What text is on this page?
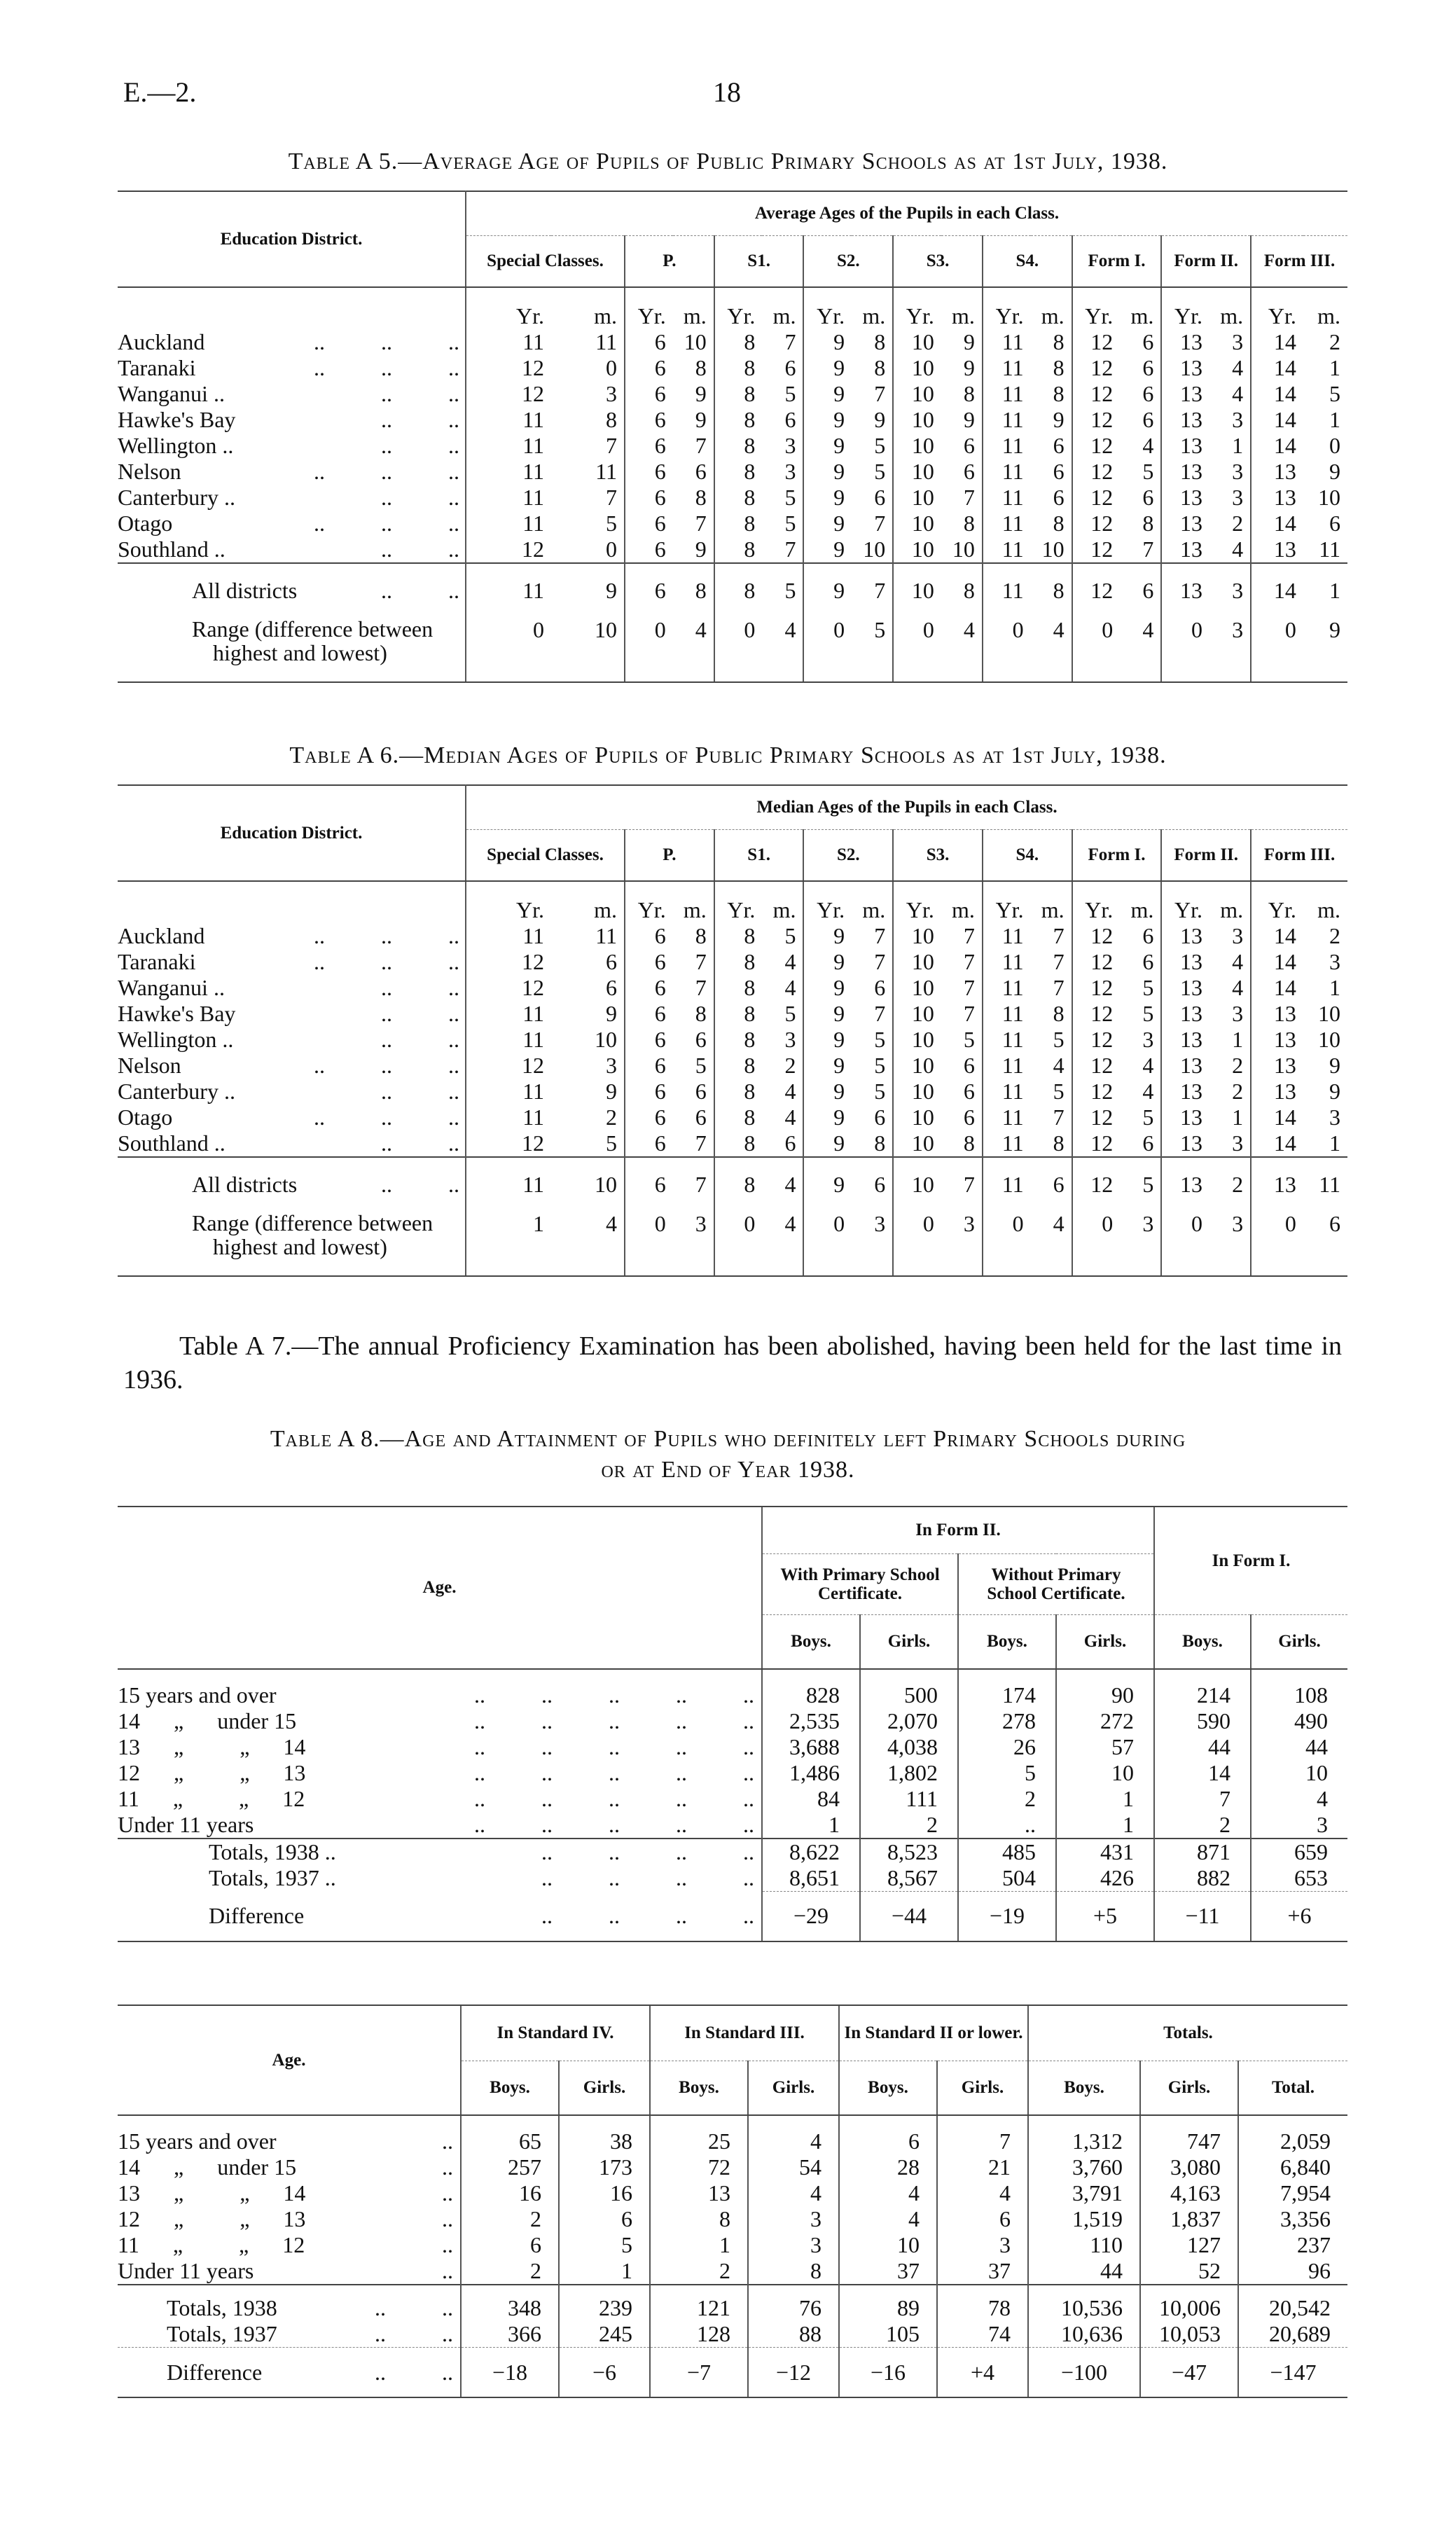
E.—2.	18
Table A 5.—Average Age of Pupils of Public Primary Schools as at 1st July, 1938.
Education District.	Average Ages of the Pupils in each Class.																	
	Special Classes.		P.		S1.		S2.		S3.		S4.		Form I.		Form II.		Form III.	
	Yr.	m.	Yr.	m.	Yr.	m.	Yr.	m.	Yr.	m.	Yr.	m.	Yr.	m.	Yr.	m.	Yr.	m.
Auckland ..          ..          ..	11	11	6	10	8	7	9	8	10	9	11	8	12	6	13	3	14	2
Taranaki ..          ..          ..	12	0	6	8	8	6	9	8	10	9	11	8	12	6	13	4	14	1
Wanganui .. ..          ..	12	3	6	9	8	5	9	7	10	8	11	8	12	6	13	4	14	5
Hawke's Bay ..          ..	11	8	6	9	8	6	9	9	10	9	11	9	12	6	13	3	14	1
Wellington .. ..          ..	11	7	6	7	8	3	9	5	10	6	11	6	12	4	13	1	14	0
Nelson ..          ..          ..	11	11	6	6	8	3	9	5	10	6	11	6	12	5	13	3	13	9
Canterbury .. ..          ..	11	7	6	8	8	5	9	6	10	7	11	6	12	6	13	3	13	10
Otago ..          ..          ..	11	5	6	7	8	5	9	7	10	8	11	8	12	8	13	2	14	6
Southland .. ..          ..	12	0	6	9	8	7	9	10	10	10	11	10	12	7	13	4	13	11
All districts ..          ..	11	9	6	8	8	5	9	7	10	8	11	8	12	6	13	3	14	1

Range (difference between
highest and lowest)	0	10	0	4	0	4	0	5	0	4	0	4	0	4	0	3	0	9
Table A 6.—Median Ages of Pupils of Public Primary Schools as at 1st July, 1938.
Education District.	Median Ages of the Pupils in each Class.																	
	Special Classes.		P.		S1.		S2.		S3.		S4.		Form I.		Form II.		Form III.	
	Yr.	m.	Yr.	m.	Yr.	m.	Yr.	m.	Yr.	m.	Yr.	m.	Yr.	m.	Yr.	m.	Yr.	m.
Auckland ..          ..          ..	11	11	6	8	8	5	9	7	10	7	11	7	12	6	13	3	14	2
Taranaki ..          ..          ..	12	6	6	7	8	4	9	7	10	7	11	7	12	6	13	4	14	3
Wanganui .. ..          ..	12	6	6	7	8	4	9	6	10	7	11	7	12	5	13	4	14	1
Hawke's Bay ..          ..	11	9	6	8	8	5	9	7	10	7	11	8	12	5	13	3	13	10
Wellington .. ..          ..	11	10	6	6	8	3	9	5	10	5	11	5	12	3	13	1	13	10
Nelson ..          ..          ..	12	3	6	5	8	2	9	5	10	6	11	4	12	4	13	2	13	9
Canterbury .. ..          ..	11	9	6	6	8	4	9	5	10	6	11	5	12	4	13	2	13	9
Otago ..          ..          ..	11	2	6	6	8	4	9	6	10	6	11	7	12	5	13	1	14	3
Southland .. ..          ..	12	5	6	7	8	6	9	8	10	8	11	8	12	6	13	3	14	1
All districts ..          ..	11	10	6	7	8	4	9	6	10	7	11	6	12	5	13	2	13	11

Range (difference between
highest and lowest)	1	4	0	3	0	4	0	3	0	3	0	4	0	3	0	3	0	6
Table A 7.—The annual Proficiency Examination has been abolished, having been held for the last time in 1936.
Table A 8.—Age and Attainment of Pupils who definitely left Primary Schools during
or at End of Year 1938.
Age.	In Form II.				In Form I.	
	With Primary School Certificate.		Without Primary School Certificate.			
	Boys.	Girls.	Boys.	Girls.	Boys.	Girls.
15 years and over ..          ..          ..          ..          ..	828	500	174	90	214	108
14      „      under 15 ..          ..          ..          ..          ..	2,535	2,070	278	272	590	490
13      „          „      14 ..          ..          ..          ..          ..	3,688	4,038	26	57	44	44
12      „          „      13 ..          ..          ..          ..          ..	1,486	1,802	5	10	14	10
11      „          „      12 ..          ..          ..          ..          ..	84	111	2	1	7	4
Under 11 years ..          ..          ..          ..          ..	1	2	..	1	2	3
Totals, 1938 .. ..          ..          ..          ..	8,622	8,523	485	431	871	659
Totals, 1937 .. ..          ..          ..          ..	8,651	8,567	504	426	882	653
Difference ..          ..          ..          ..	−29	−44	−19	+5	−11	+6
Age.	In Standard IV.		In Standard III.		In Standard II or lower.		Totals.		
	Boys.	Girls.	Boys.	Girls.	Boys.	Girls.	Boys.	Girls.	Total.
15 years and over ..	65	38	25	4	6	7	1,312	747	2,059
14      „      under 15 ..	257	173	72	54	28	21	3,760	3,080	6,840
13      „          „      14 ..	16	16	13	4	4	4	3,791	4,163	7,954
12      „          „      13 ..	2	6	8	3	4	6	1,519	1,837	3,356
11      „          „      12 ..	6	5	1	3	10	3	110	127	237
Under 11 years ..	2	1	2	8	37	37	44	52	96
Totals, 1938 ..          ..	348	239	121	76	89	78	10,536	10,006	20,542
Totals, 1937 ..          ..	366	245	128	88	105	74	10,636	10,053	20,689
Difference ..          ..	−18	−6	−7	−12	−16	+4	−100	−47	−147
